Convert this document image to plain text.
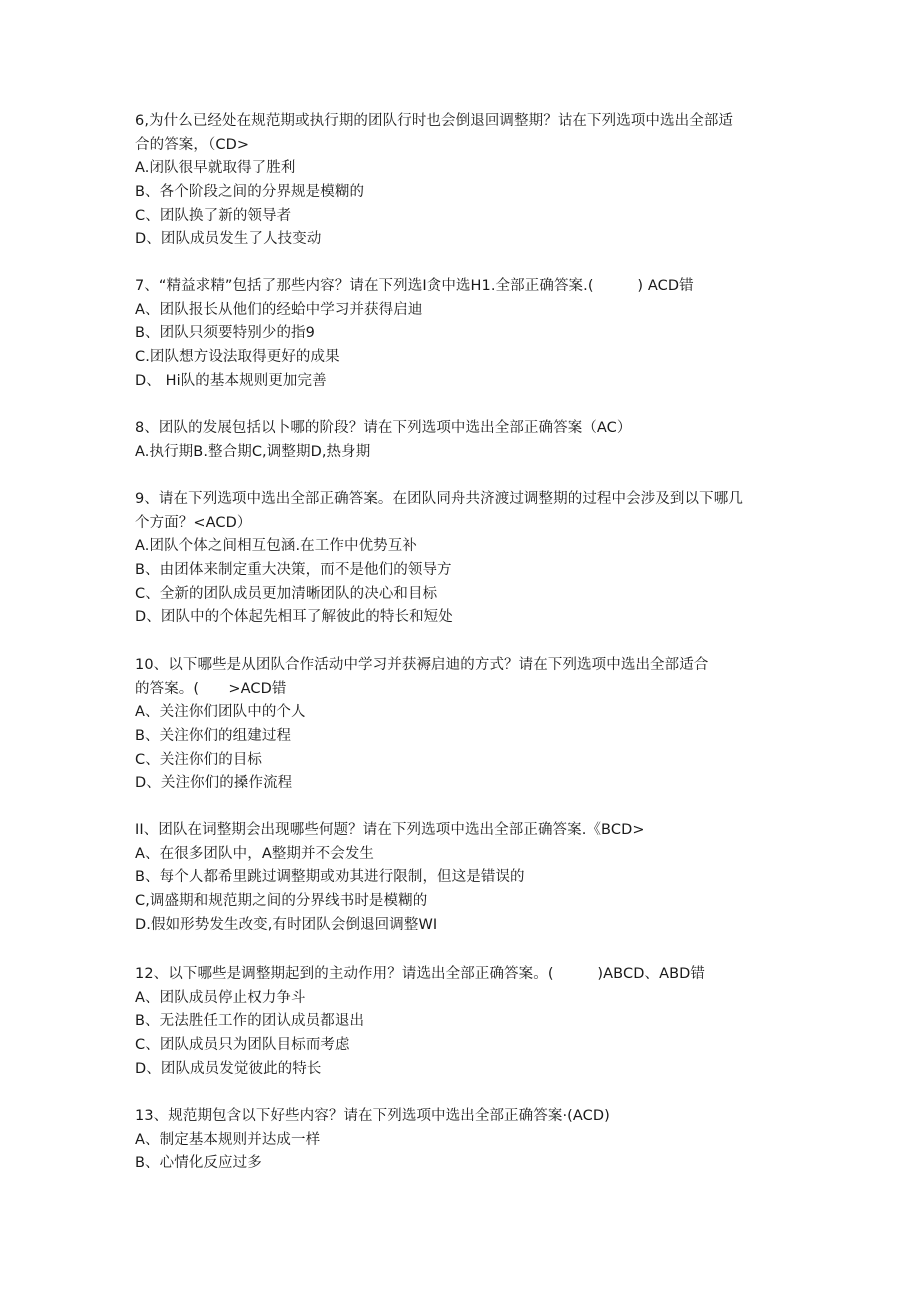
6,为什么已经处在规范期或执行期的团队行时也会倒退回调整期？诂在下列选项中选出全部适
合的答案，（CD>
A.闭队很早就取得了胜利
B、各个阶段之间的分界规是模糊的
C、团队换了新的领导者
D、团队成员发生了人技变动
7、“精益求精”包括了那些内容？请在下列选I贪中选H1.全部正确答案.(　　　) ACD错
A、团队报长从他们的经蛤中学习并获得启迪
B、团队只须要特别少的指9
C.团队想方设法取得更好的成果
D、 Hi队的基本规则更加完善
8、团队的发展包括以卜哪的阶段？请在下列选项中选出全部正确答案（AC）
A.执行期B.整合期C,调整期D,热身期
9、请在下列选项中选出全部正确答案。在团队同舟共济渡过调整期的过程中会涉及到以下哪几
个方面？<ACD）
A.团队个体之间相互包涵.在工作中优势互补
B、由团体来制定重大决策，而不是他们的领导方
C、全新的团队成员更加清晰团队的决心和目标
D、团队中的个体起先相耳了解彼此的特长和短处
10、以下哪些是从团队合作活动中学习并获褥启迪的方式？请在下列选项中选出全部适合
的答案。(　　>ACD错
A、关注你们团队中的个人
B、关注你们的组建过程
C、关注你们的目标
D、关注你们的搡作流程
II、团队在词整期会出现哪些何题？请在下列选项中选出全部正确答案.《BCD>
A、在很多团队中，A整期并不会发生
B、每个人都希里跳过调整期或劝其进行限制，但这是错误的
C,调盛期和规范期之间的分界线书时是模糊的
D.假如形势发生改变,有时团队会倒退回调整WI
12、以下哪些是调整期起到的主动作用？请选出全部正确答案。(　　　)ABCD、ABD错
A、团队成员停止权力争斗
B、无法胜任工作的团认成员都退出
C、团队成员只为团队目标而考虑
D、团队成员发觉彼此的特长
13、规范期包含以下好些内容？请在下列选项中选出全部正确答案·(ACD)
A、制定基本规则并达成一样
B、心情化反应过多
